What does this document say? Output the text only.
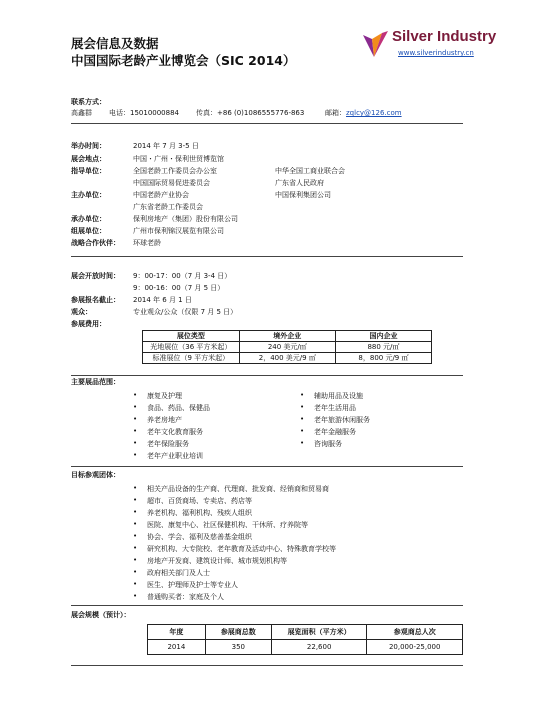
展会信息及数据
中国国际老龄产业博览会（SIC 2014）
Silver Industry
www.silverindustry.cn
联系方式：
高鑫群 电话：15010000884 传真：+86 (0)1086555776-863	邮箱：zqlcy@126.com
举办时间：	2014 年 7 月 3-5 日
展会地点：	中国・广州・保利世贸博览馆
指导单位：	全国老龄工作委员会办公室	中华全国工商业联合会
中国国际贸易促进委员会	广东省人民政府
主办单位：	中国老龄产业协会	中国保利集团公司
广东省老龄工作委员会
承办单位：	保利房地产（集团）股份有限公司
组展单位：	广州市保利锦汉展览有限公司
战略合作伙伴： 环球老龄
展会开放时间： 9：00-17：00（7 月 3-4 日）
9：00-16：00（7 月 5 日）
参展报名截止： 2014 年 6 月 1 日
观众：	专业观众/公众（仅限 7 月 5 日）
参展费用：
展位类型	境外企业	国内企业
光地展位（36 平方米起）	240 美元/㎡	880 元/㎡
标准展位（9 平方米起）	2，400 美元/9 ㎡	8，800 元/9 ㎡
主要展品范围：
• 康复及护理
• 食品、药品、保健品
• 养老房地产
• 老年文化教育服务
• 老年保险服务
• 老年产业职业培训
• 辅助用品及设施
• 老年生活用品
• 老年旅游休闲服务
• 老年金融服务
• 咨询服务
目标参观团体：
• 相关产品设备的生产商、代理商、批发商、经销商和贸易商
• 超市、百货商场、专卖店、药店等
• 养老机构、福利机构、残疾人组织
• 医院、康复中心、社区保健机构、干休所、疗养院等
• 协会、学会、福利及慈善基金组织
• 研究机构、大专院校、老年教育及活动中心、特殊教育学校等
• 房地产开发商、建筑设计师、城市规划机构等
• 政府相关部门及人士
• 医生、护理师及护士等专业人
• 普通购买者：家庭及个人
展会规模（预计）：
年度	参展商总数	展览面积（平方米）	参观商总人次
2014	350	22,600	20,000-25,000
